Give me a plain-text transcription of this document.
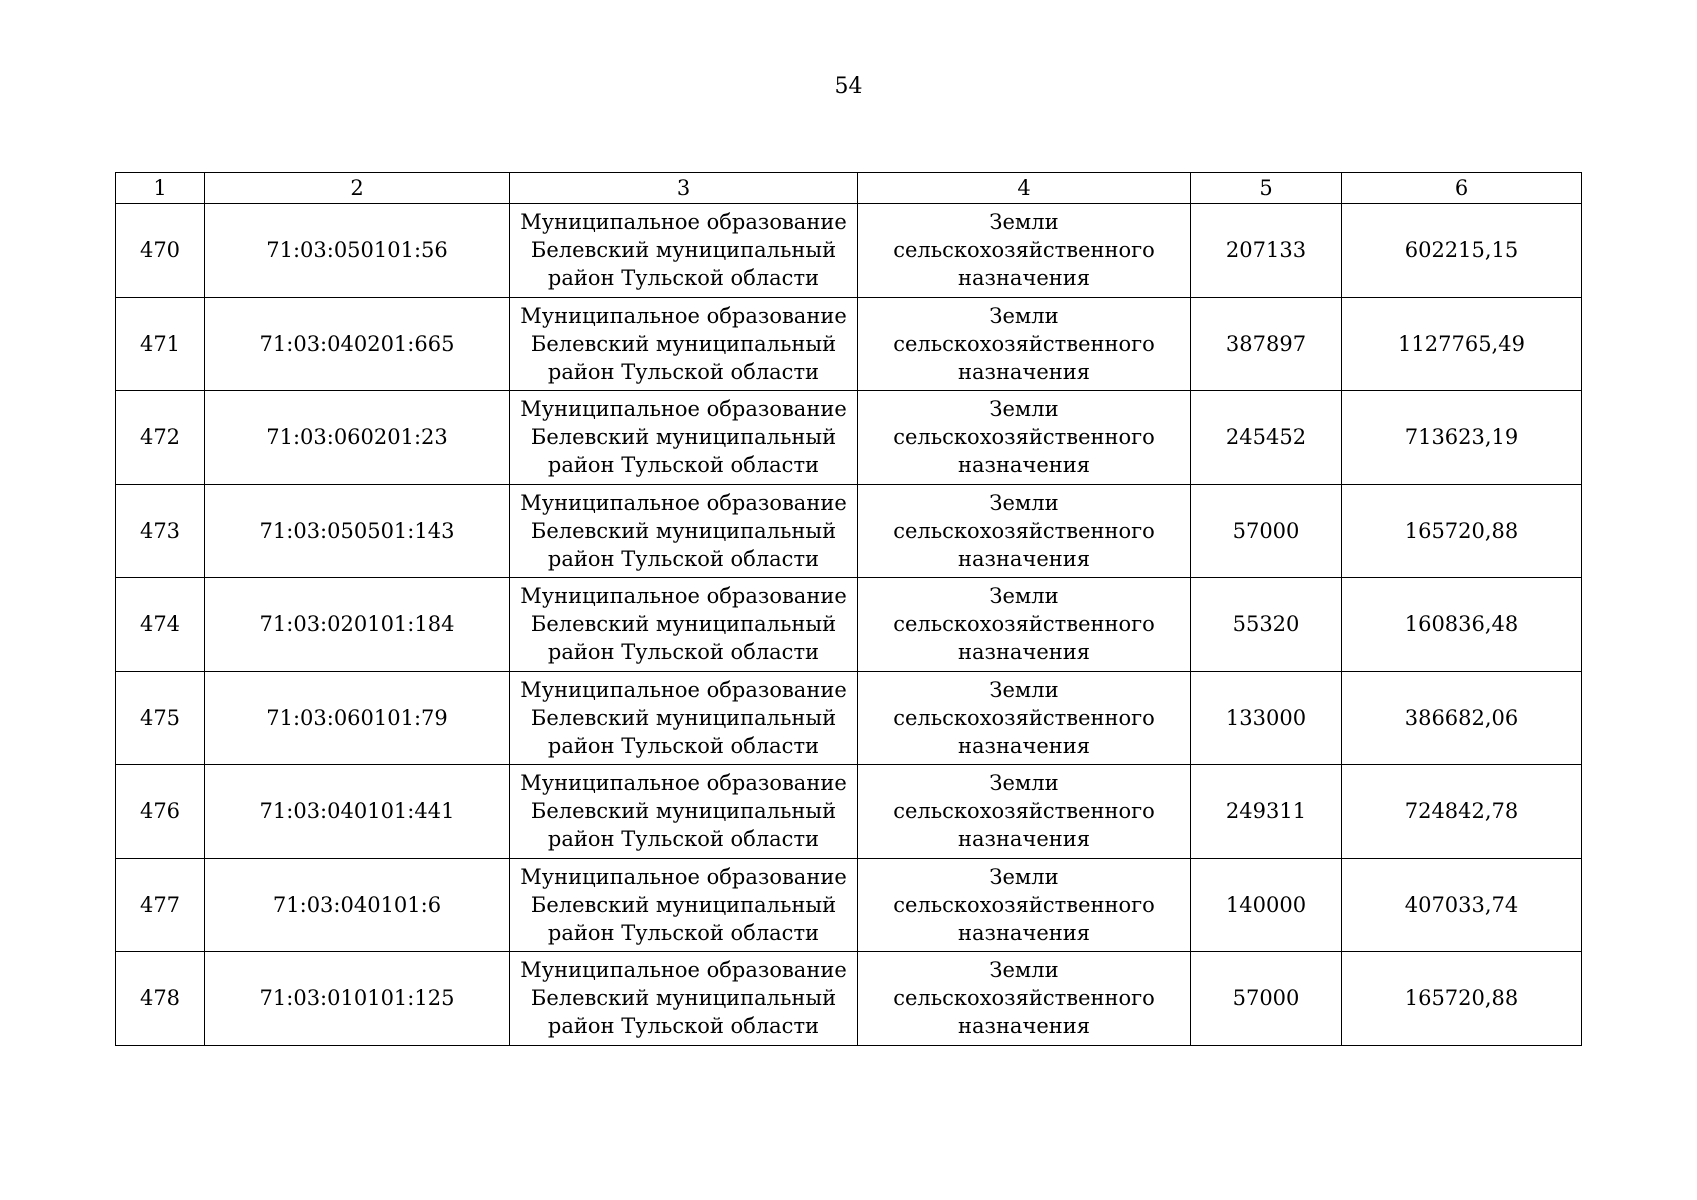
54
1	2	3	4	5	6
470	71:03:050101:56	Муниципальное образование
Белевский муниципальный
район Тульской области	Земли
сельскохозяйственного
назначения	207133	602215,15
471	71:03:040201:665	Муниципальное образование
Белевский муниципальный
район Тульской области	Земли
сельскохозяйственного
назначения	387897	1127765,49
472	71:03:060201:23	Муниципальное образование
Белевский муниципальный
район Тульской области	Земли
сельскохозяйственного
назначения	245452	713623,19
473	71:03:050501:143	Муниципальное образование
Белевский муниципальный
район Тульской области	Земли
сельскохозяйственного
назначения	57000	165720,88
474	71:03:020101:184	Муниципальное образование
Белевский муниципальный
район Тульской области	Земли
сельскохозяйственного
назначения	55320	160836,48
475	71:03:060101:79	Муниципальное образование
Белевский муниципальный
район Тульской области	Земли
сельскохозяйственного
назначения	133000	386682,06
476	71:03:040101:441	Муниципальное образование
Белевский муниципальный
район Тульской области	Земли
сельскохозяйственного
назначения	249311	724842,78
477	71:03:040101:6	Муниципальное образование
Белевский муниципальный
район Тульской области	Земли
сельскохозяйственного
назначения	140000	407033,74
478	71:03:010101:125	Муниципальное образование
Белевский муниципальный
район Тульской области	Земли
сельскохозяйственного
назначения	57000	165720,88
